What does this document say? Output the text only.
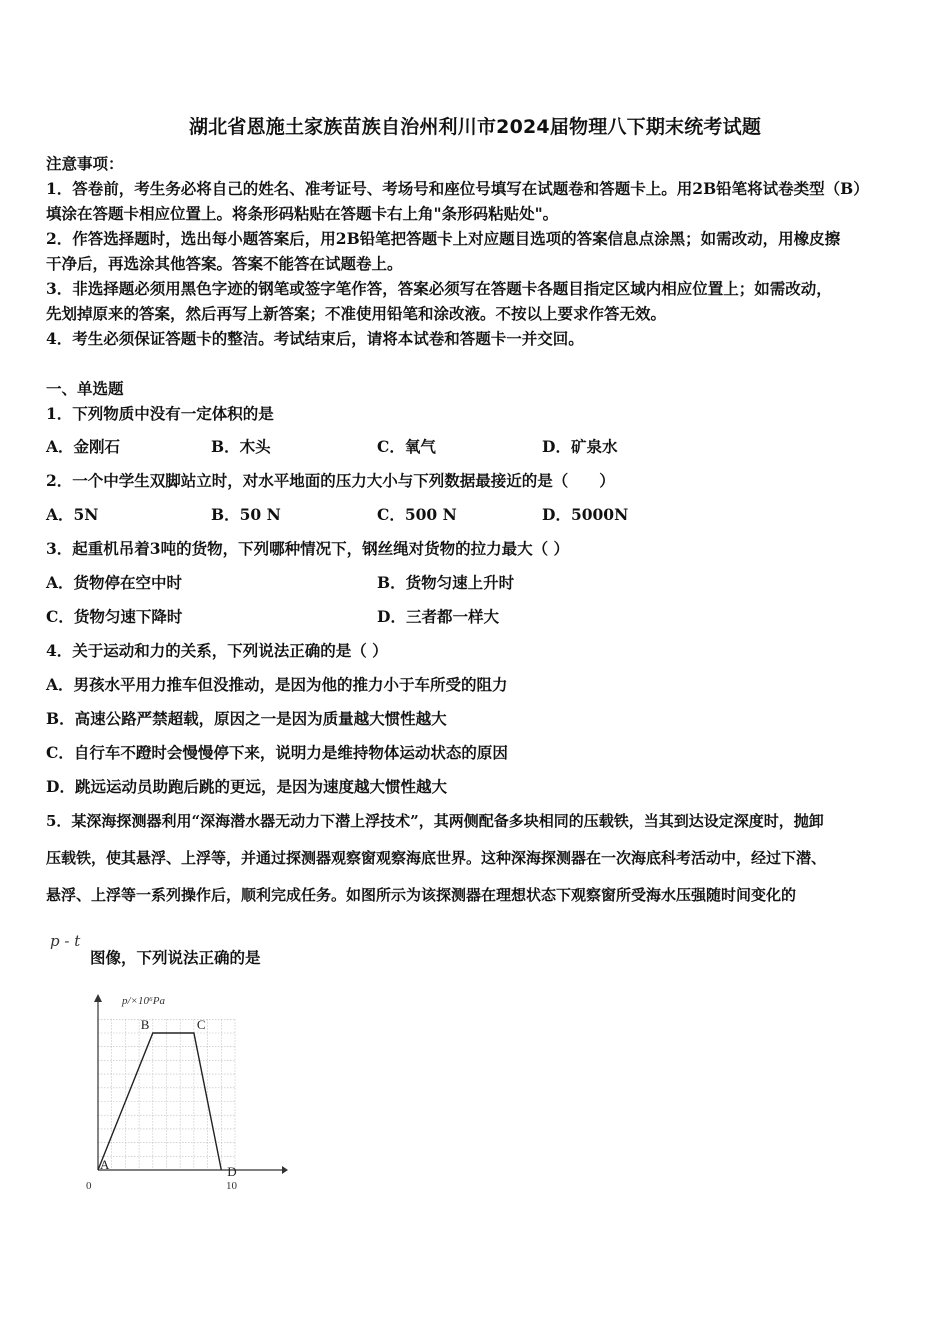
湖北省恩施土家族苗族自治州利川市2024届物理八下期末统考试题
注意事项：
1．答卷前，考生务必将自己的姓名、准考证号、考场号和座位号填写在试题卷和答题卡上。用2B铅笔将试卷类型（B）
填涂在答题卡相应位置上。将条形码粘贴在答题卡右上角"条形码粘贴处"。
2．作答选择题时，选出每小题答案后，用2B铅笔把答题卡上对应题目选项的答案信息点涂黑；如需改动，用橡皮擦
干净后，再选涂其他答案。答案不能答在试题卷上。
3．非选择题必须用黑色字迹的钢笔或签字笔作答，答案必须写在答题卡各题目指定区域内相应位置上；如需改动，
先划掉原来的答案，然后再写上新答案；不准使用铅笔和涂改液。不按以上要求作答无效。
4．考生必须保证答题卡的整洁。考试结束后，请将本试卷和答题卡一并交回。
一、单选题
1．下列物质中没有一定体积的是
A．金刚石	B．木头	C．氧气	D．矿泉水
2．一个中学生双脚站立时，对水平地面的压力大小与下列数据最接近的是（　　）
A．5N	B．50 N	C．500 N	D．5000N
3．起重机吊着3吨的货物，下列哪种情况下，钢丝绳对货物的拉力最大（ ）
A．货物停在空中时	B．货物匀速上升时
C．货物匀速下降时	D．三者都一样大
4．关于运动和力的关系，下列说法正确的是（ ）
A．男孩水平用力推车但没推动，是因为他的推力小于车所受的阻力
B．高速公路严禁超载，原因之一是因为质量越大惯性越大
C．自行车不蹬时会慢慢停下来，说明力是维持物体运动状态的原因
D．跳远运动员助跑后跳的更远，是因为速度越大惯性越大
5．某深海探测器利用“深海潜水器无动力下潜上浮技术”，其两侧配备多块相同的压载铁，当其到达设定深度时，抛卸
压载铁，使其悬浮、上浮等，并通过探测器观察窗观察海底世界。这种深海探测器在一次海底科考活动中，经过下潜、
悬浮、上浮等一系列操作后，顺利完成任务。如图所示为该探测器在理想状态下观察窗所受海水压强随时间变化的
p - t
图像，下列说法正确的是
p/×10⁶Pa
0	10
A
B	C
D
